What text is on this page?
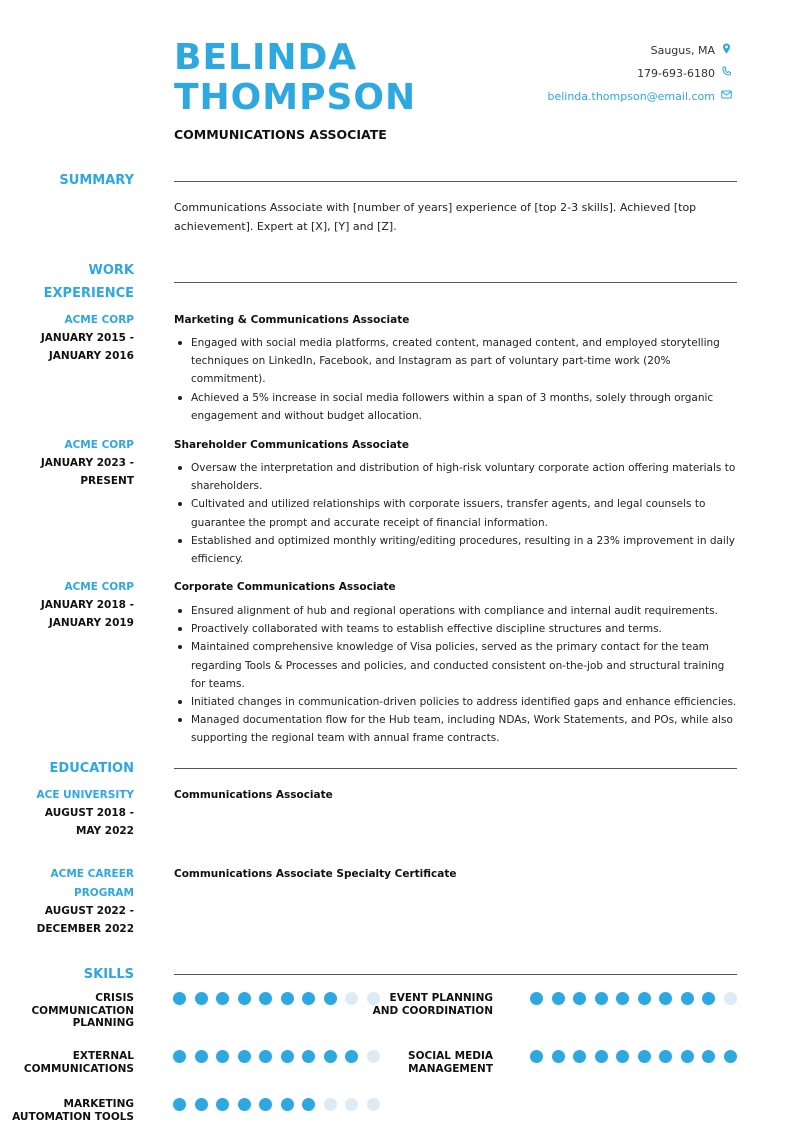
BELINDA
THOMPSON
COMMUNICATIONS ASSOCIATE
Saugus, MA
179-693-6180
belinda.thompson@email.com
SUMMARY
Communications Associate with [number of years] experience of [top 2-3 skills]. Achieved [top achievement]. Expert at [X], [Y] and [Z].
WORK
EXPERIENCE
ACME CORP
JANUARY 2015 -
JANUARY 2016
Marketing & Communications Associate
Engaged with social media platforms, created content, managed content, and employed storytelling techniques on LinkedIn, Facebook, and Instagram as part of voluntary part-time work (20% commitment).
Achieved a 5% increase in social media followers within a span of 3 months, solely through organic engagement and without budget allocation.
ACME CORP
JANUARY 2023 -
PRESENT
Shareholder Communications Associate
Oversaw the interpretation and distribution of high-risk voluntary corporate action offering materials to shareholders.
Cultivated and utilized relationships with corporate issuers, transfer agents, and legal counsels to guarantee the prompt and accurate receipt of financial information.
Established and optimized monthly writing/editing procedures, resulting in a 23% improvement in daily efficiency.
ACME CORP
JANUARY 2018 -
JANUARY 2019
Corporate Communications Associate
Ensured alignment of hub and regional operations with compliance and internal audit requirements.
Proactively collaborated with teams to establish effective discipline structures and terms.
Maintained comprehensive knowledge of Visa policies, served as the primary contact for the team regarding Tools & Processes and policies, and conducted consistent on-the-job and structural training for teams.
Initiated changes in communication-driven policies to address identified gaps and enhance efficiencies.
Managed documentation flow for the Hub team, including NDAs, Work Statements, and POs, while also supporting the regional team with annual frame contracts.
EDUCATION
ACE UNIVERSITY
AUGUST 2018 -
MAY 2022
Communications Associate
ACME CAREER
PROGRAM
AUGUST 2022 -
DECEMBER 2022
Communications Associate Specialty Certificate
SKILLS
CRISIS
COMMUNICATION
PLANNING
EVENT PLANNING
AND COORDINATION
EXTERNAL
COMMUNICATIONS
SOCIAL MEDIA
MANAGEMENT
MARKETING
AUTOMATION TOOLS
